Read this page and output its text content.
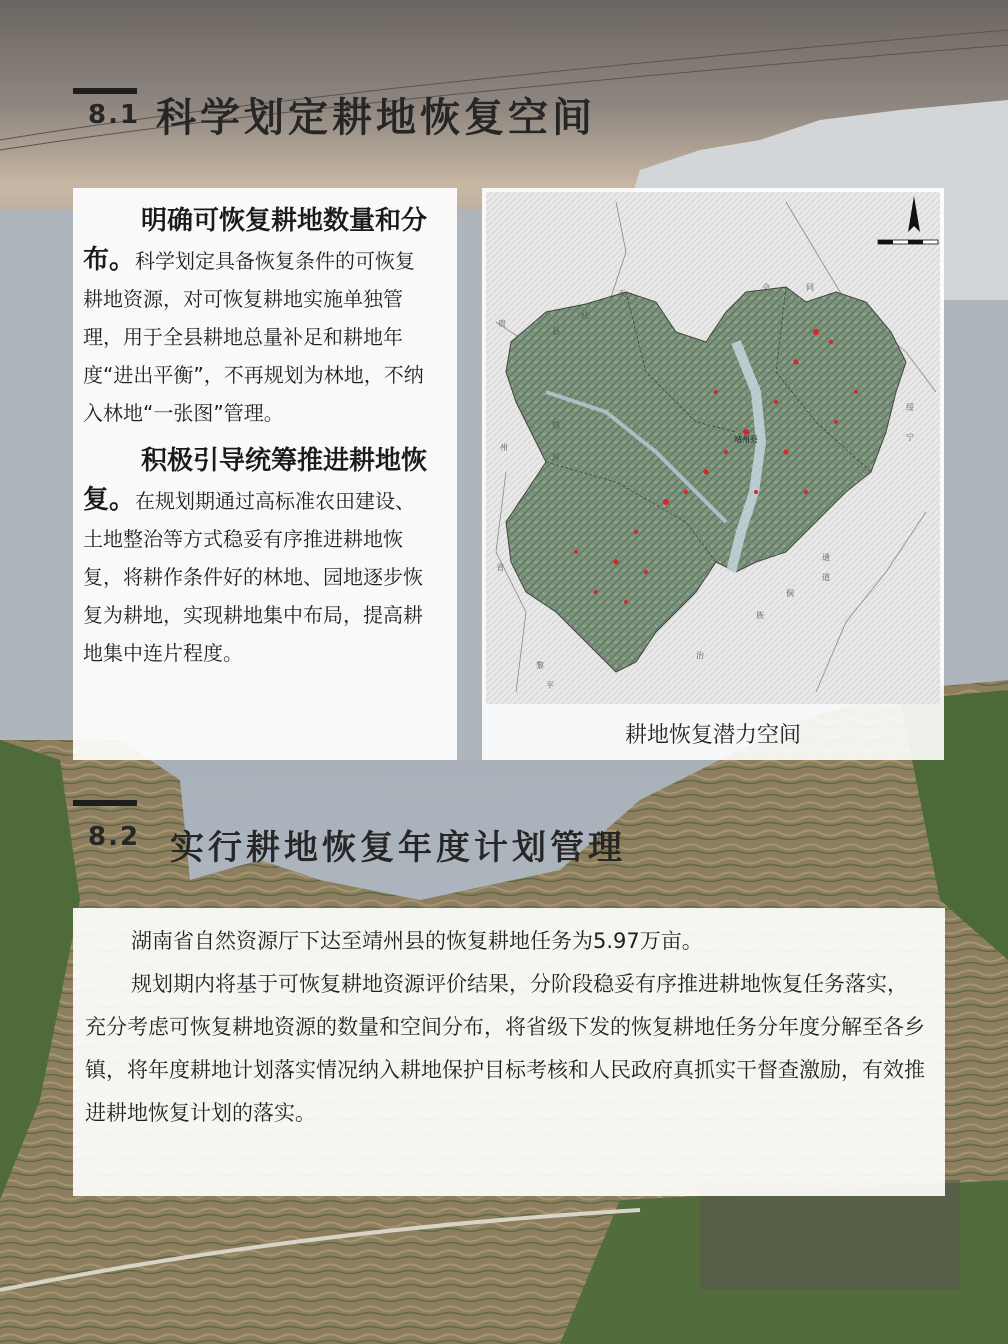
8.1 科学划定耕地恢复空间

明确可恢复耕地数量和分布。科学划定具备恢复条件的可恢复耕地资源，对可恢复耕地实施单独管理，用于全县耕地总量补足和耕地年度“进出平衡”，不再规划为林地，不纳入林地“一张图”管理。

积极引导统筹推进耕地恢复。在规划期通过高标准农田建设、土地整治等方式稳妥有序推进耕地恢复，将耕作条件好的林地、园地逐步恢复为耕地，实现耕地集中布局，提高耕地集中连片程度。

天
柱
县
贵
州
锦
屏
省
黎
平
会	同
绥
宁
通
道
侗
族
治
靖州县
耕地恢复潜力空间
8.2 实行耕地恢复年度计划管理

湖南省自然资源厅下达至靖州县的恢复耕地任务为5.97万亩。

规划期内将基于可恢复耕地资源评价结果，分阶段稳妥有序推进耕地恢复任务落实，充分考虑可恢复耕地资源的数量和空间分布，将省级下发的恢复耕地任务分年度分解至各乡镇，将年度耕地计划落实情况纳入耕地保护目标考核和人民政府真抓实干督查激励，有效推进耕地恢复计划的落实。
